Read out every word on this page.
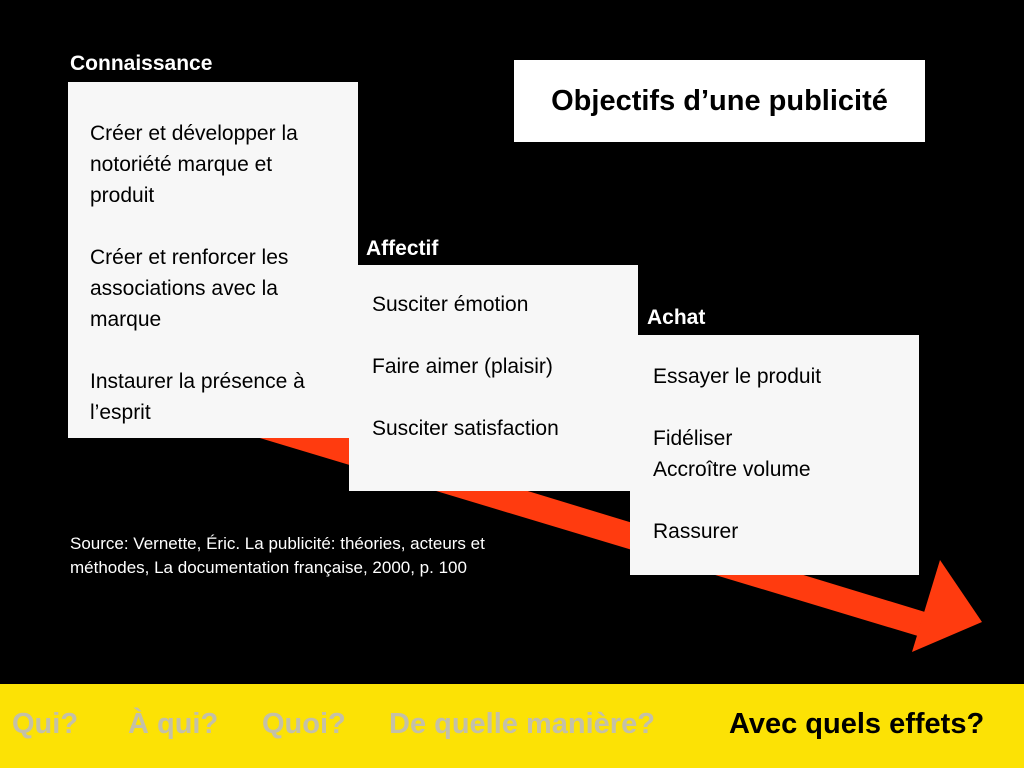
Connaissance

Créer et développer la

notoriété marque et

produit

Créer et renforcer les

associations avec la

marque

Instaurer la présence à

l’esprit

Affectif

Susciter émotion

Faire aimer (plaisir)

Susciter satisfaction

Achat

Essayer le produit

Fidéliser

Accroître volume

Rassurer

Objectifs d’une publicité
Source: Vernette, Éric. La publicité: théories, acteurs et
méthodes, La documentation française, 2000, p. 100
Qui? À qui? Quoi? De quelle manière?	Avec quels effets?
